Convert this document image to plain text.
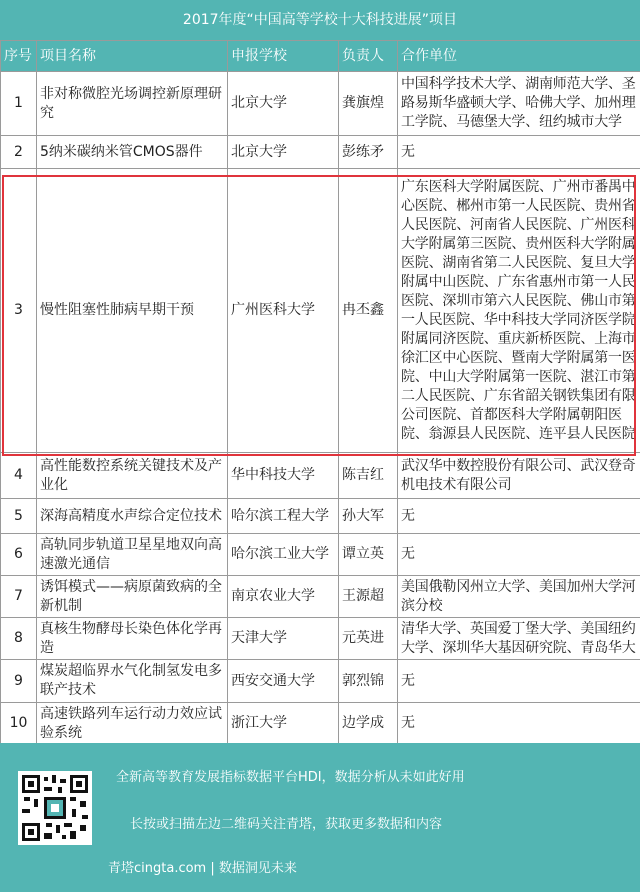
2017年度“中国高等学校十大科技进展”项目
序号	项目名称	申报学校	负责人	合作单位
1	非对称微腔光场调控新原理研究	北京大学	龚旗煌	中国科学技术大学、湖南师范大学、圣路易斯华盛顿大学、哈佛大学、加州理工学院、马德堡大学、纽约城市大学
2	5纳米碳纳米管CMOS器件	北京大学	彭练矛	无
3	慢性阻塞性肺病早期干预	广州医科大学	冉丕鑫	广东医科大学附属医院、广州市番禺中心医院、郴州市第一人民医院、贵州省人民医院、河南省人民医院、广州医科大学附属第三医院、贵州医科大学附属医院、湖南省第二人民医院、复旦大学附属中山医院、广东省惠州市第一人民医院、深圳市第六人民医院、佛山市第一人民医院、华中科技大学同济医学院附属同济医院、重庆新桥医院、上海市徐汇区中心医院、暨南大学附属第一医院、中山大学附属第一医院、湛江市第二人民医院、广东省韶关钢铁集团有限公司医院、首都医科大学附属朝阳医院、翁源县人民医院、连平县人民医院
4	高性能数控系统关键技术及产业化	华中科技大学	陈吉红	武汉华中数控股份有限公司、武汉登奇机电技术有限公司
5	深海高精度水声综合定位技术	哈尔滨工程大学	孙大军	无
6	高轨同步轨道卫星星地双向高速激光通信	哈尔滨工业大学	谭立英	无
7	诱饵模式——病原菌致病的全新机制	南京农业大学	王源超	美国俄勒冈州立大学、美国加州大学河滨分校
8	真核生物酵母长染色体化学再造	天津大学	元英进	清华大学、英国爱丁堡大学、美国纽约大学、深圳华大基因研究院、青岛华大
9	煤炭超临界水气化制氢发电多联产技术	西安交通大学	郭烈锦	无
10	高速铁路列车运行动力效应试验系统	浙江大学	边学成	无
全新高等教育发展指标数据平台HDI，数据分析从未如此好用
长按或扫描左边二维码关注青塔，获取更多数据和内容
青塔cingta.com | 数据洞见未来
